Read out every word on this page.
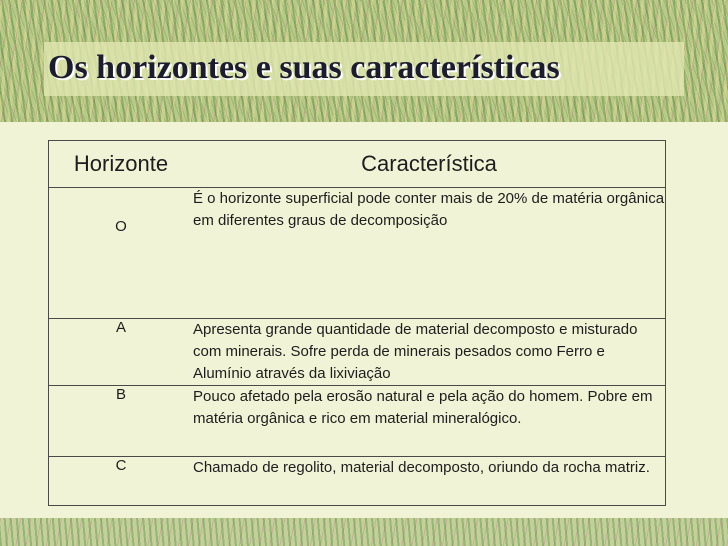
Os horizontes e suas características
Horizonte	Característica
O	É o horizonte superficial pode conter mais de 20% de matéria orgânica em diferentes graus de decomposição
A	Apresenta grande quantidade de material decomposto e misturado com minerais. Sofre perda de minerais pesados como Ferro e Alumínio através da lixiviação
B	Pouco afetado pela erosão natural e pela ação do homem. Pobre em matéria orgânica e rico em material mineralógico.
C	Chamado de regolito, material decomposto, oriundo da rocha matriz.
